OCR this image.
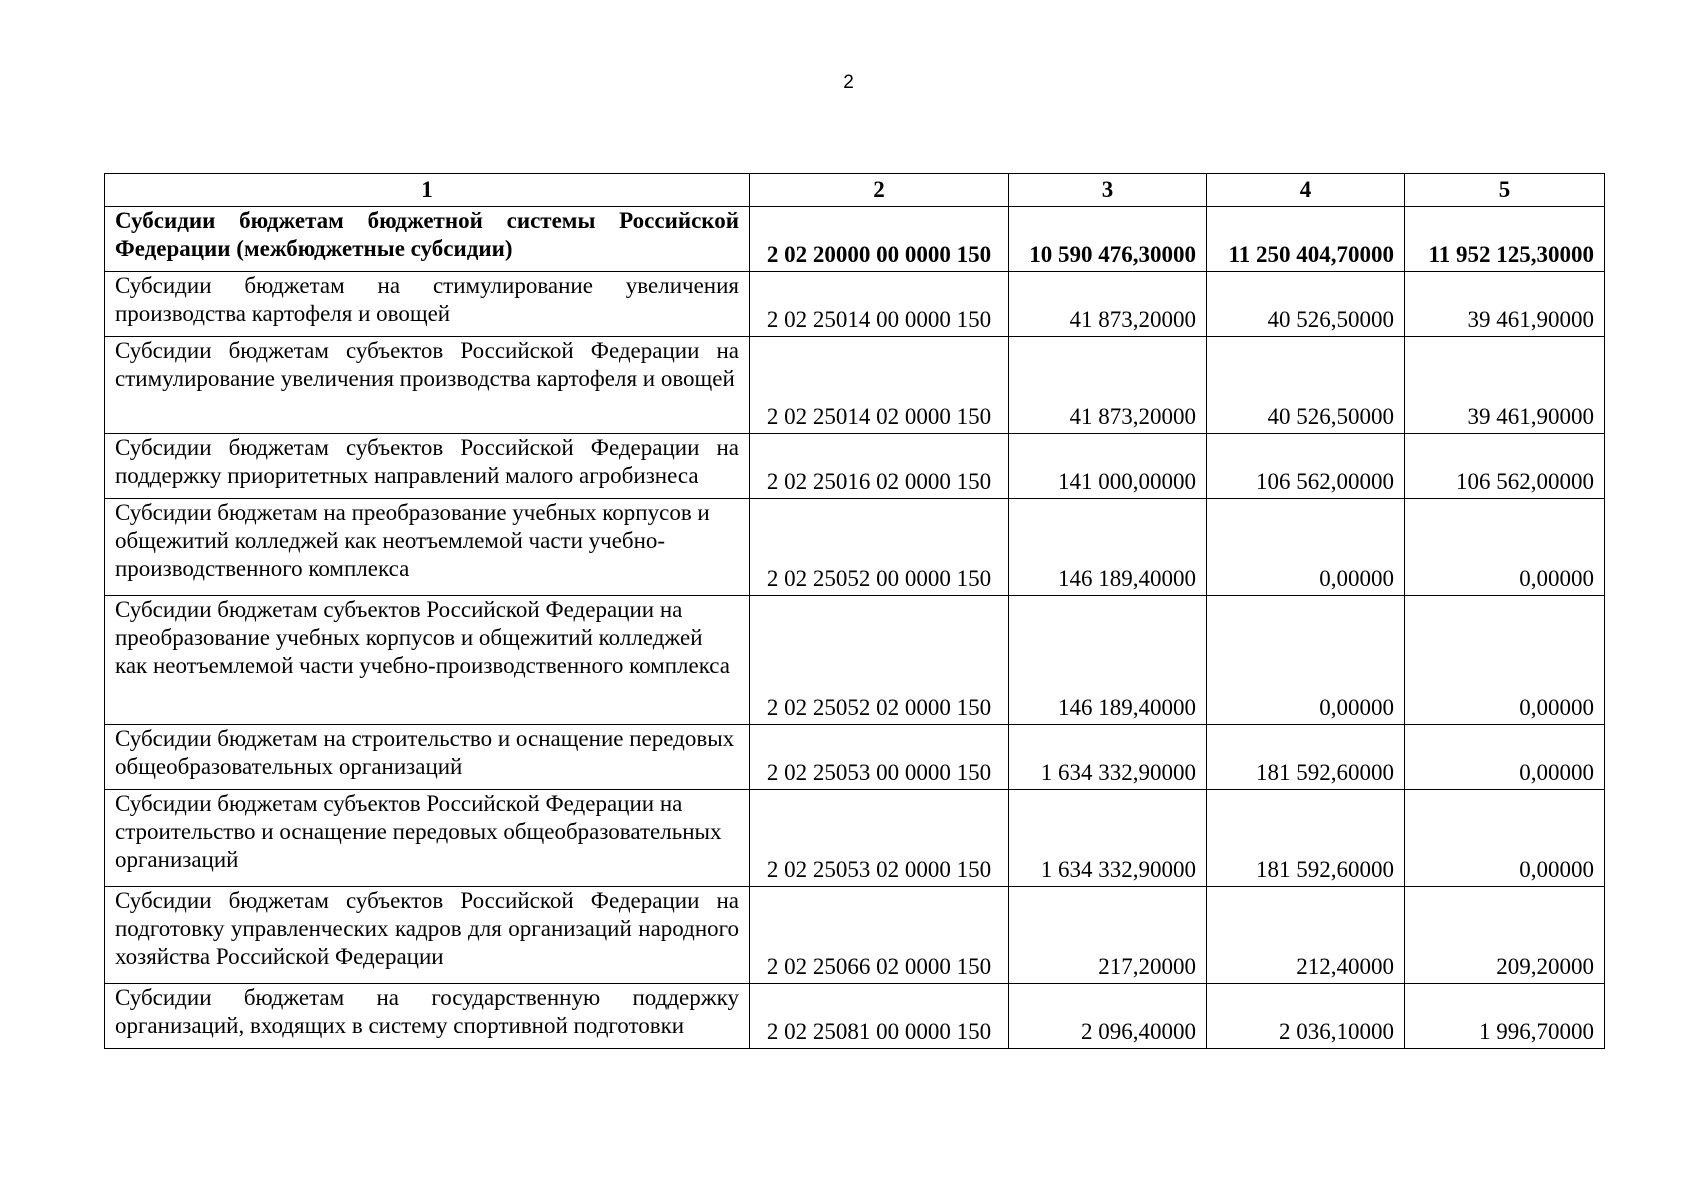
2
1	2	3	4	5
Субсидии бюджетам бюджетной системы Российской Федерации (межбюджетные субсидии)	2 02 20000 00 0000 150	10 590 476,30000	11 250 404,70000	11 952 125,30000
Субсидии бюджетам на стимулирование увеличения производства картофеля и овощей	2 02 25014 00 0000 150	41 873,20000	40 526,50000	39 461,90000
Субсидии бюджетам субъектов Российской Федерации на стимулирование увеличения производства картофеля и овощей	2 02 25014 02 0000 150	41 873,20000	40 526,50000	39 461,90000
Субсидии бюджетам субъектов Российской Федерации на поддержку приоритетных направлений малого агробизнеса	2 02 25016 02 0000 150	141 000,00000	106 562,00000	106 562,00000
Субсидии бюджетам на преобразование учебных корпусов и общежитий колледжей как неотъемлемой части учебно-производственного комплекса	2 02 25052 00 0000 150	146 189,40000	0,00000	0,00000
Субсидии бюджетам субъектов Российской Федерации на преобразование учебных корпусов и общежитий колледжей как неотъемлемой части учебно-производственного комплекса	2 02 25052 02 0000 150	146 189,40000	0,00000	0,00000
Субсидии бюджетам на строительство и оснащение передовых общеобразовательных организаций	2 02 25053 00 0000 150	1 634 332,90000	181 592,60000	0,00000
Субсидии бюджетам субъектов Российской Федерации на строительство и оснащение передовых общеобразовательных организаций	2 02 25053 02 0000 150	1 634 332,90000	181 592,60000	0,00000
Субсидии бюджетам субъектов Российской Федерации на подготовку управленческих кадров для организаций народного хозяйства Российской Федерации	2 02 25066 02 0000 150	217,20000	212,40000	209,20000
Субсидии бюджетам на государственную поддержку организаций, входящих в систему спортивной подготовки	2 02 25081 00 0000 150	2 096,40000	2 036,10000	1 996,70000
